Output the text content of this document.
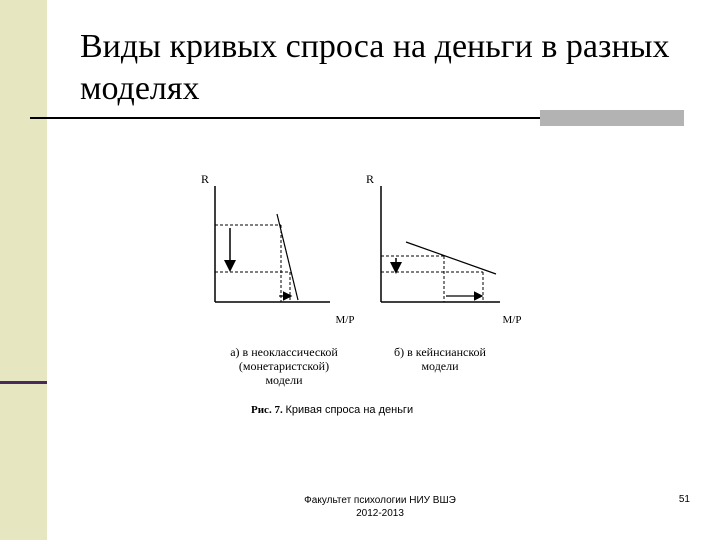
Виды кривых спроса на деньги в разных моделях
R	R
M/P	M/P
а) в неоклассической
(монетаристской)
модели
б) в кейнсианской
модели
Рис. 7. Кривая спроса на деньги
Факультет психологии НИУ ВШЭ
2012-2013
51
